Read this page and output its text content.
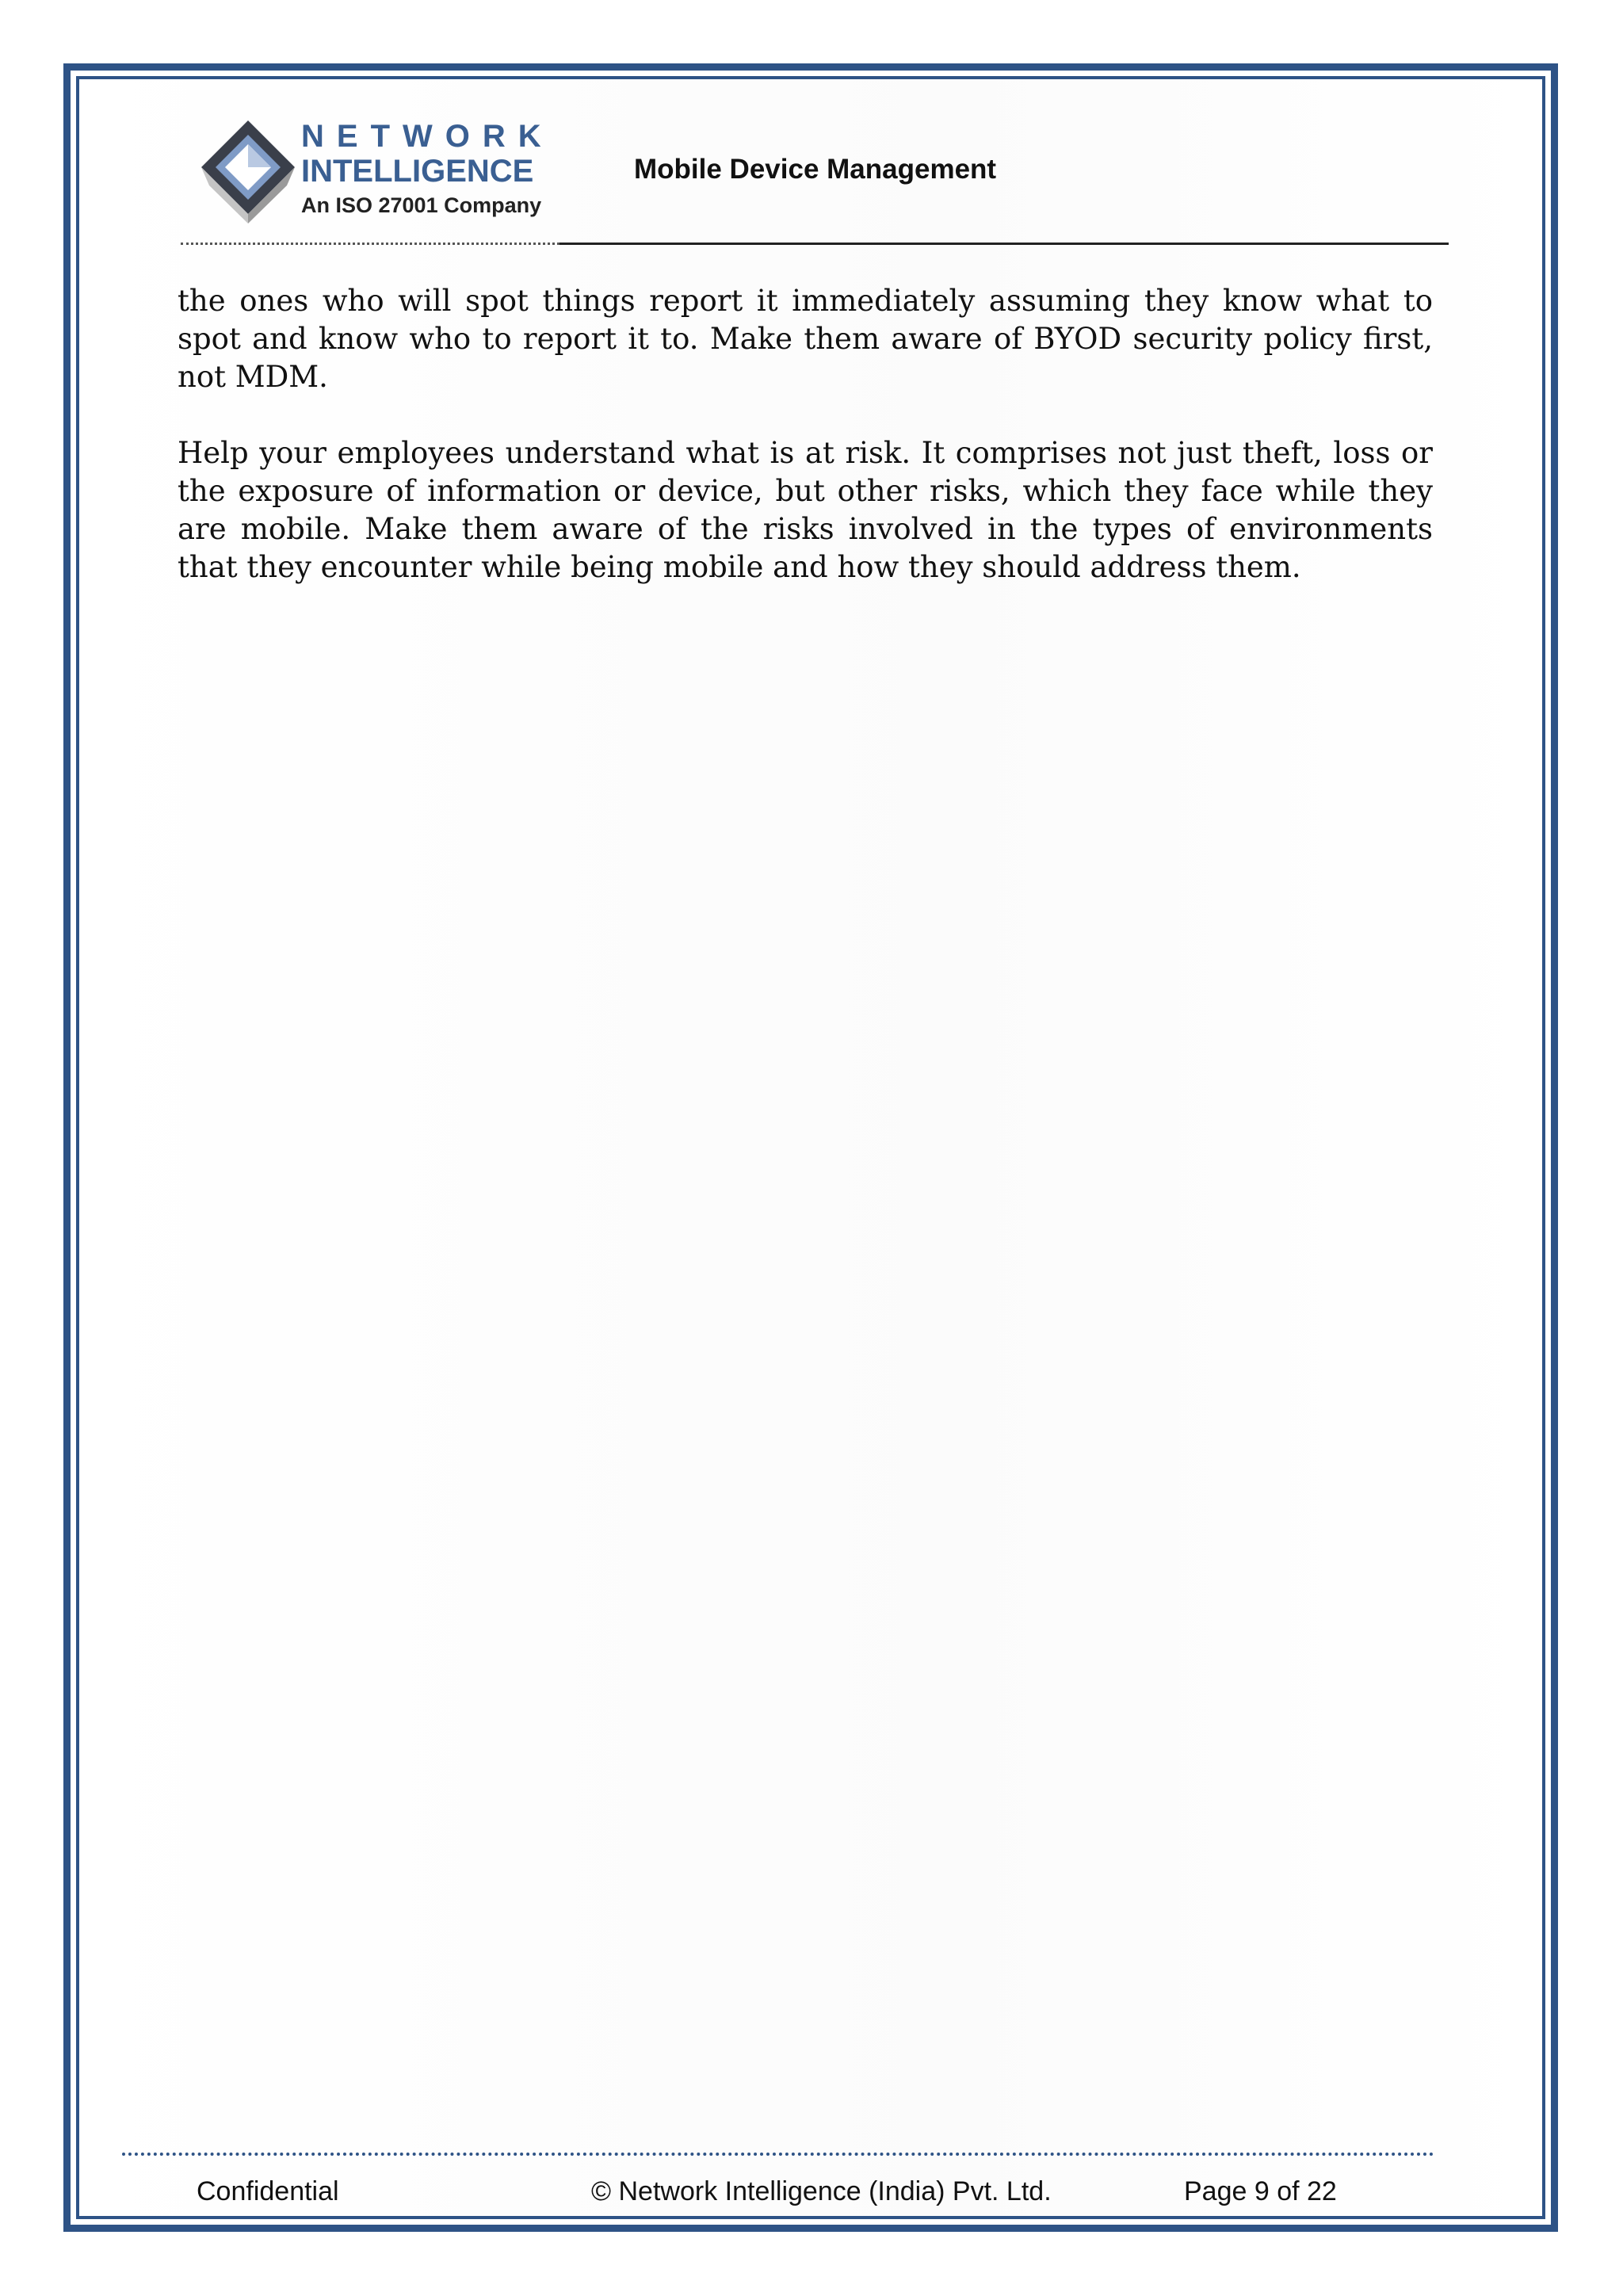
NETWORK
INTELLIGENCE
An ISO 27001 Company
Mobile Device Management

the ones who will spot things report it immediately assuming they know what to spot and know who to report it to. Make them aware of BYOD security policy first, not MDM.

Help your employees understand what is at risk. It comprises not just theft, loss or the exposure of information or device, but other risks, which they face while they are mobile. Make them aware of the risks involved in the types of environments that they encounter while being mobile and how they should address them.

Confidential	© Network Intelligence (India) Pvt. Ltd.	Page 9 of 22
